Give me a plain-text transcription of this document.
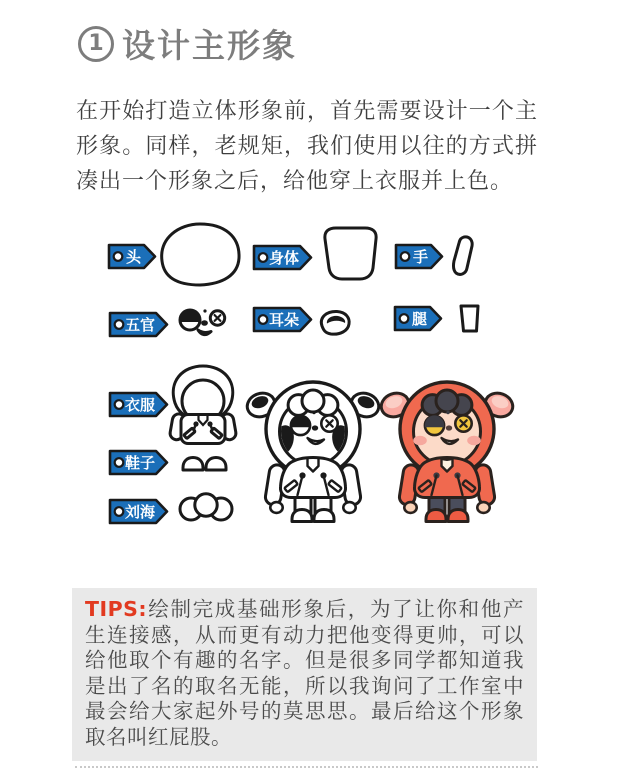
1 设计主形象

在开始打造立体形象前，首先需要设计一个主形象。同样，老规矩，我们使用以往的方式拼凑出一个形象之后，给他穿上衣服并上色。

头	身体	手
五官	耳朵	腿
衣服
鞋子
刘海
TIPS:绘制完成基础形象后，为了让你和他产生连接感，从而更有动力把他变得更帅，可以给他取个有趣的名字。但是很多同学都知道我是出了名的取名无能，所以我询问了工作室中最会给大家起外号的莫思思。最后给这个形象取名叫红屁股。
